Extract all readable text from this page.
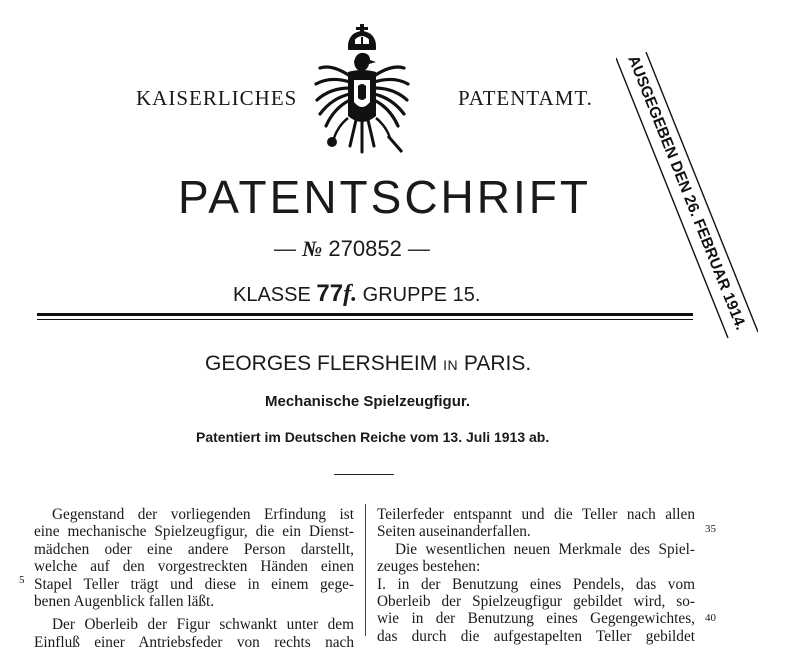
KAISERLICHES	PATENTAMT.
PATENTSCHRIFT
— № 270852 —
KLASSE 77f. GRUPPE 15.	AUSGEGEBEN DEN 26. FEBRUAR 1914.
GEORGES FLERSHEIM IN PARIS.
Mechanische Spielzeugfigur.
Patentiert im Deutschen Reiche vom 13. Juli 1913 ab.
Gegenstand der vorliegenden Erfindung ist
eine mechanische Spielzeugfigur, die ein Dienst-
mädchen oder eine andere Person darstellt,
welche auf den vorgestreckten Händen einen
Stapel Teller trägt und diese in einem gege-
benen Augenblick fallen läßt.
Der Oberleib der Figur schwankt unter dem
Einfluß einer Antriebsfeder von rechts nach
Teilerfeder entspannt und die Teller nach allen
Seiten auseinanderfallen.
Die wesentlichen neuen Merkmale des Spiel-
zeuges bestehen:
I. in der Benutzung eines Pendels, das vom
Oberleib der Spielzeugfigur gebildet wird, so-
wie in der Benutzung eines Gegengewichtes,
das durch die aufgestapelten Teller gebildet
5
35
40
